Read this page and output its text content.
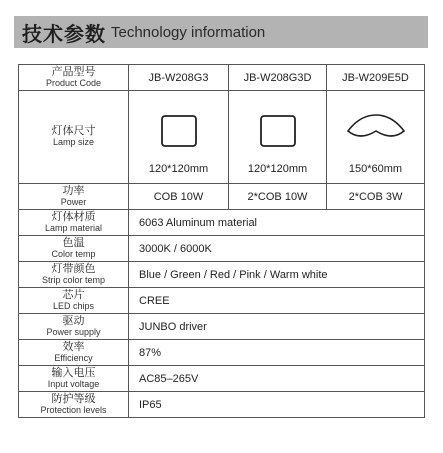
技术参数 Technology information
产品型号
Product Code	JB-W208G3	JB-W208G3D	JB-W209E5D

灯体尺寸
Lamp size	120*120mm	120*120mm	150*60mm

功率
Power	COB 10W	2*COB 10W	2*COB 3W

灯体材质
Lamp material	6063 Aluminum material		

色温
Color temp	3000K / 6000K		

灯带颜色
Strip color temp	Blue / Green / Red / Pink / Warm white		

芯片
LED chips	CREE		

驱动
Power supply	JUNBO driver		

效率
Efficiency	87%		

输入电压
Input voltage	AC85–265V		

防护等级
Protection levels	IP65		
